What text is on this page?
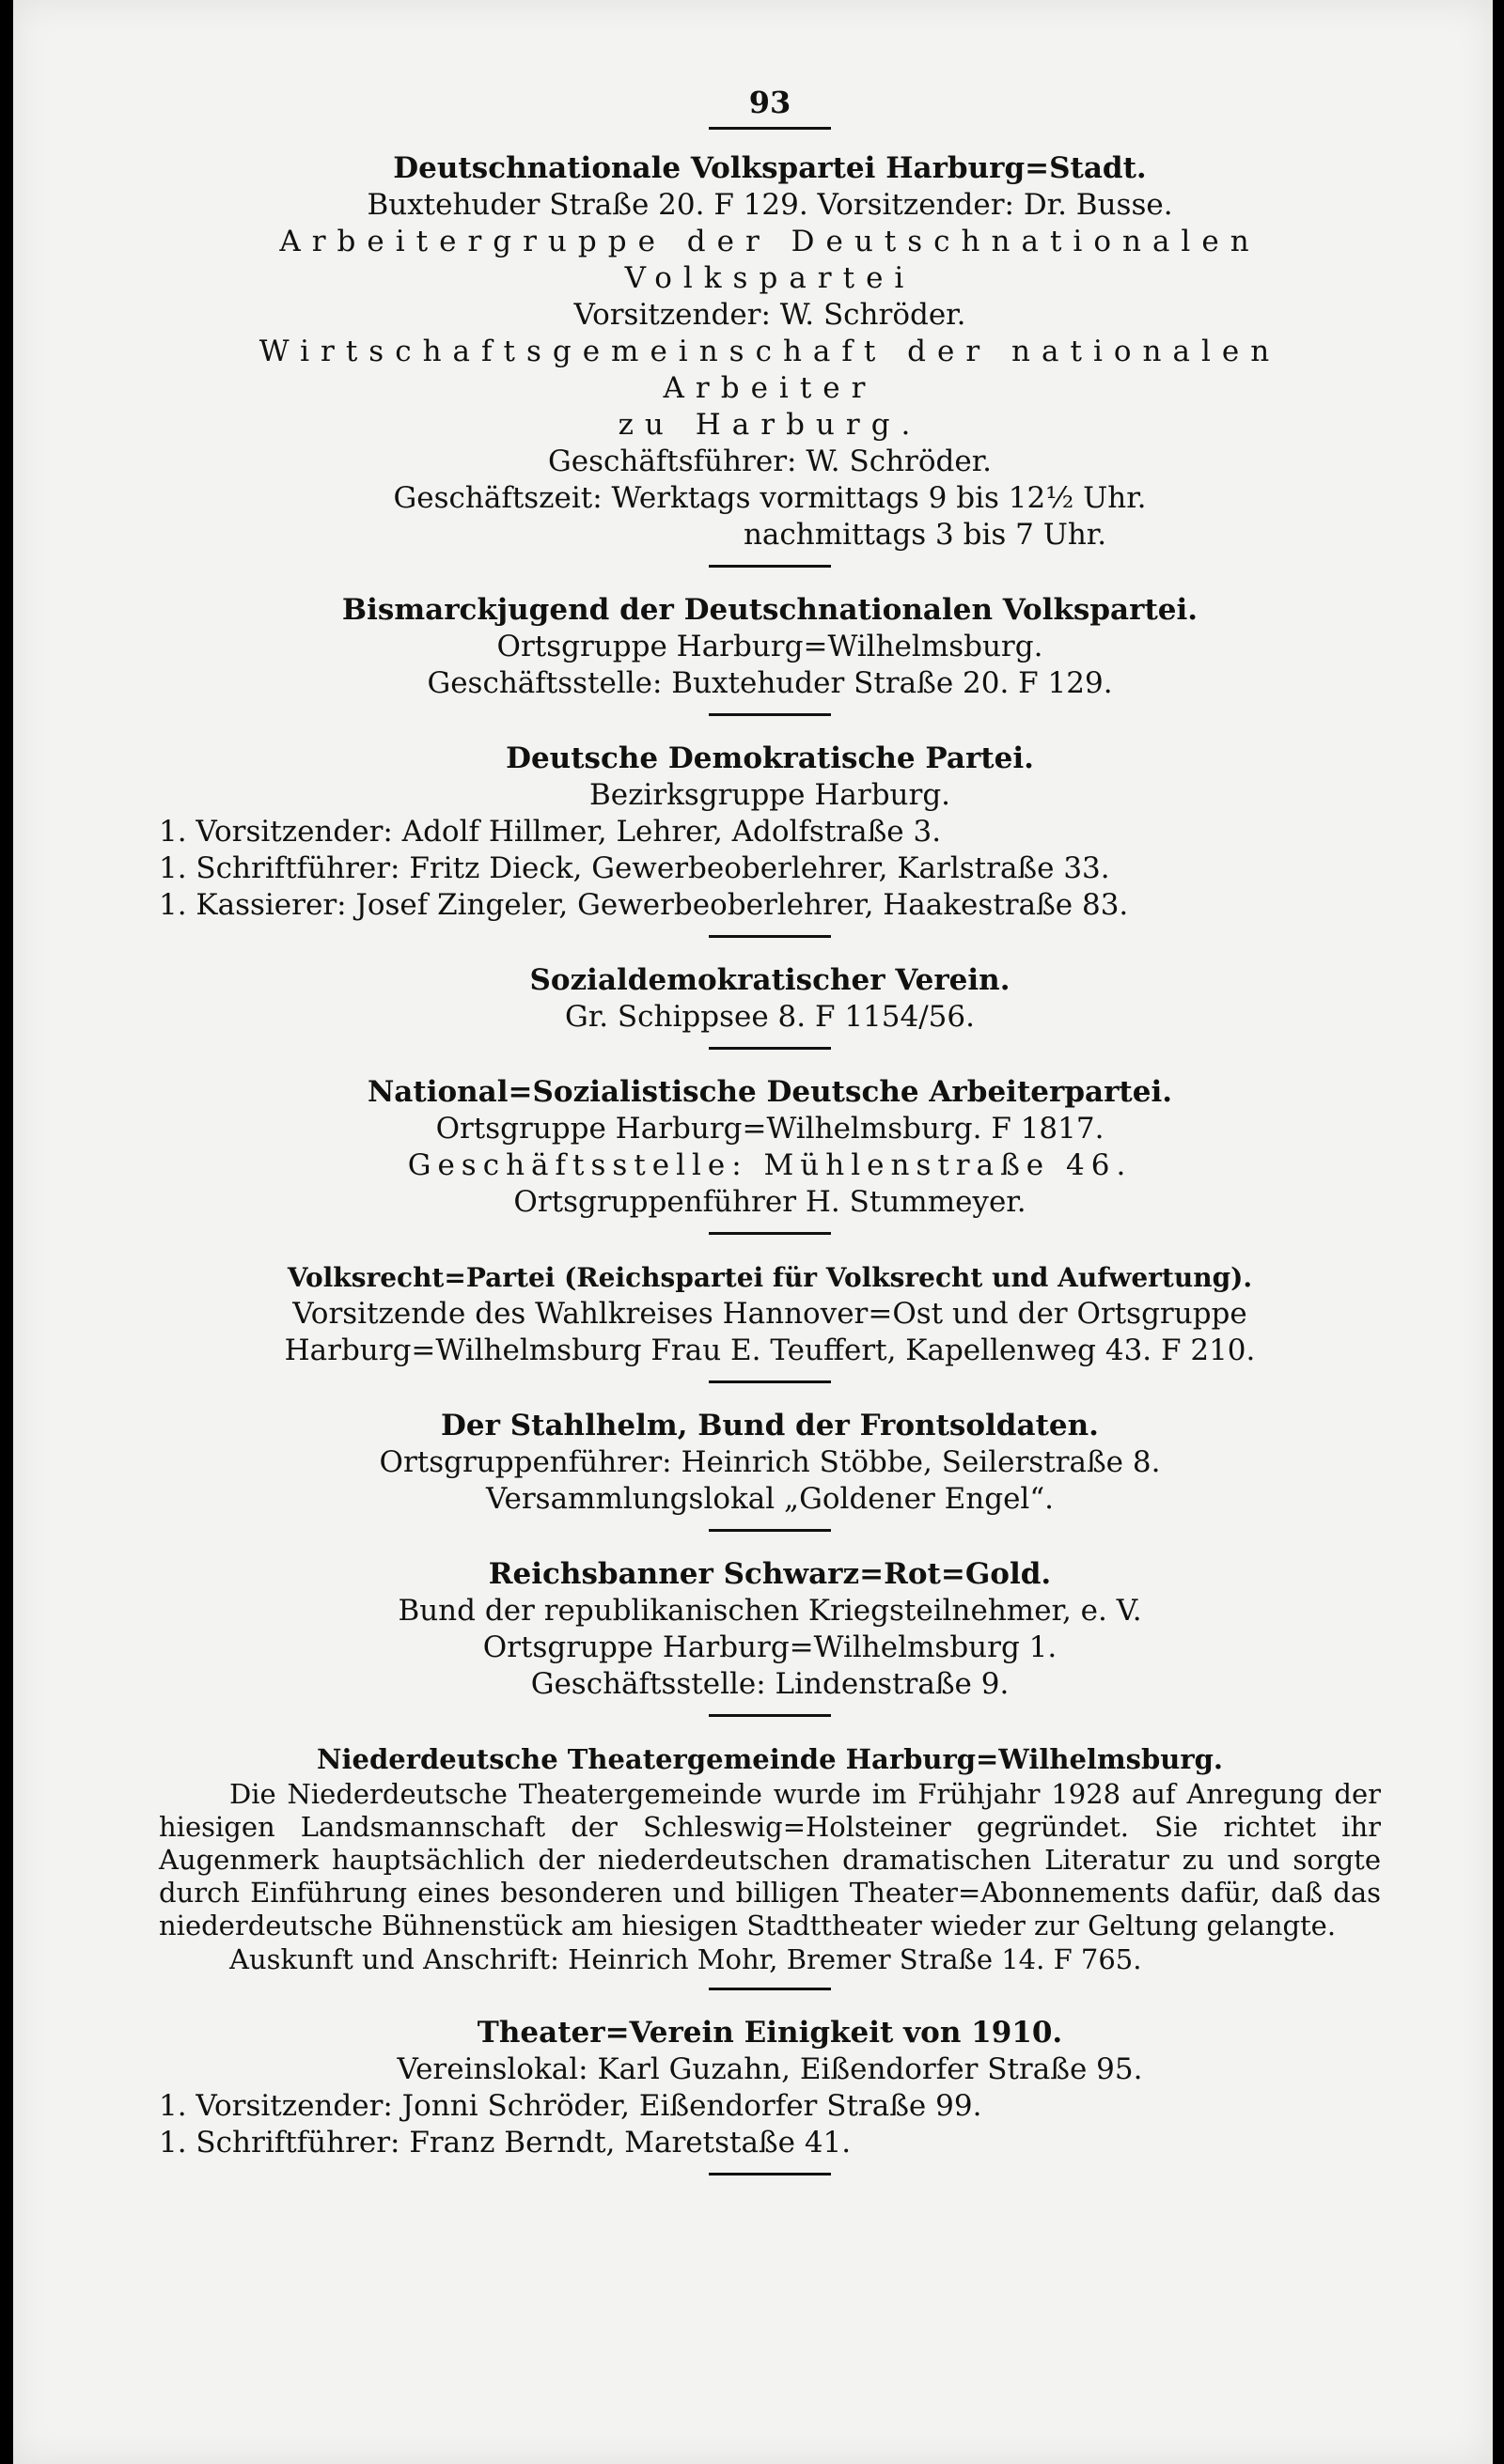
93
Deutschnationale Volkspartei Harburg=Stadt.
Buxtehuder Straße 20. F 129. Vorsitzender: Dr. Busse.
Arbeitergruppe der Deutschnationalen Volkspartei
Vorsitzender: W. Schröder.
Wirtschaftsgemeinschaft der nationalen Arbeiter
zu Harburg.
Geschäftsführer: W. Schröder.
Geschäftszeit: Werktags vormittags 9 bis 12½ Uhr.
nachmittags 3 bis 7 Uhr.
Bismarckjugend der Deutschnationalen Volkspartei.
Ortsgruppe Harburg=Wilhelmsburg.
Geschäftsstelle: Buxtehuder Straße 20. F 129.
Deutsche Demokratische Partei.
Bezirksgruppe Harburg.
1. Vorsitzender: Adolf Hillmer, Lehrer, Adolfstraße 3.
1. Schriftführer: Fritz Dieck, Gewerbeoberlehrer, Karlstraße 33.
1. Kassierer: Josef Zingeler, Gewerbeoberlehrer, Haakestraße 83.
Sozialdemokratischer Verein.
Gr. Schippsee 8. F 1154/56.
National=Sozialistische Deutsche Arbeiterpartei.
Ortsgruppe Harburg=Wilhelmsburg. F 1817.
Geschäftsstelle: Mühlenstraße 46.
Ortsgruppenführer H. Stummeyer.
Volksrecht=Partei (Reichspartei für Volksrecht und Aufwertung).
Vorsitzende des Wahlkreises Hannover=Ost und der Ortsgruppe
Harburg=Wilhelmsburg Frau E. Teuffert, Kapellenweg 43. F 210.
Der Stahlhelm, Bund der Frontsoldaten.
Ortsgruppenführer: Heinrich Stöbbe, Seilerstraße 8.
Versammlungslokal „Goldener Engel“.
Reichsbanner Schwarz=Rot=Gold.
Bund der republikanischen Kriegsteilnehmer, e. V.
Ortsgruppe Harburg=Wilhelmsburg 1.
Geschäftsstelle: Lindenstraße 9.
Niederdeutsche Theatergemeinde Harburg=Wilhelmsburg.
Die Niederdeutsche Theatergemeinde wurde im Frühjahr 1928 auf Anregung der hiesigen Landsmannschaft der Schleswig=Holsteiner gegründet. Sie richtet ihr Augenmerk hauptsächlich der niederdeutschen dramatischen Literatur zu und sorgte durch Einführung eines besonderen und billigen Theater=Abonnements dafür, daß das niederdeutsche Bühnenstück am hiesigen Stadttheater wieder zur Geltung gelangte.
Auskunft und Anschrift: Heinrich Mohr, Bremer Straße 14. F 765.
Theater=Verein Einigkeit von 1910.
Vereinslokal: Karl Guzahn, Eißendorfer Straße 95.
1. Vorsitzender: Jonni Schröder, Eißendorfer Straße 99.
1. Schriftführer: Franz Berndt, Maretstaße 41.
